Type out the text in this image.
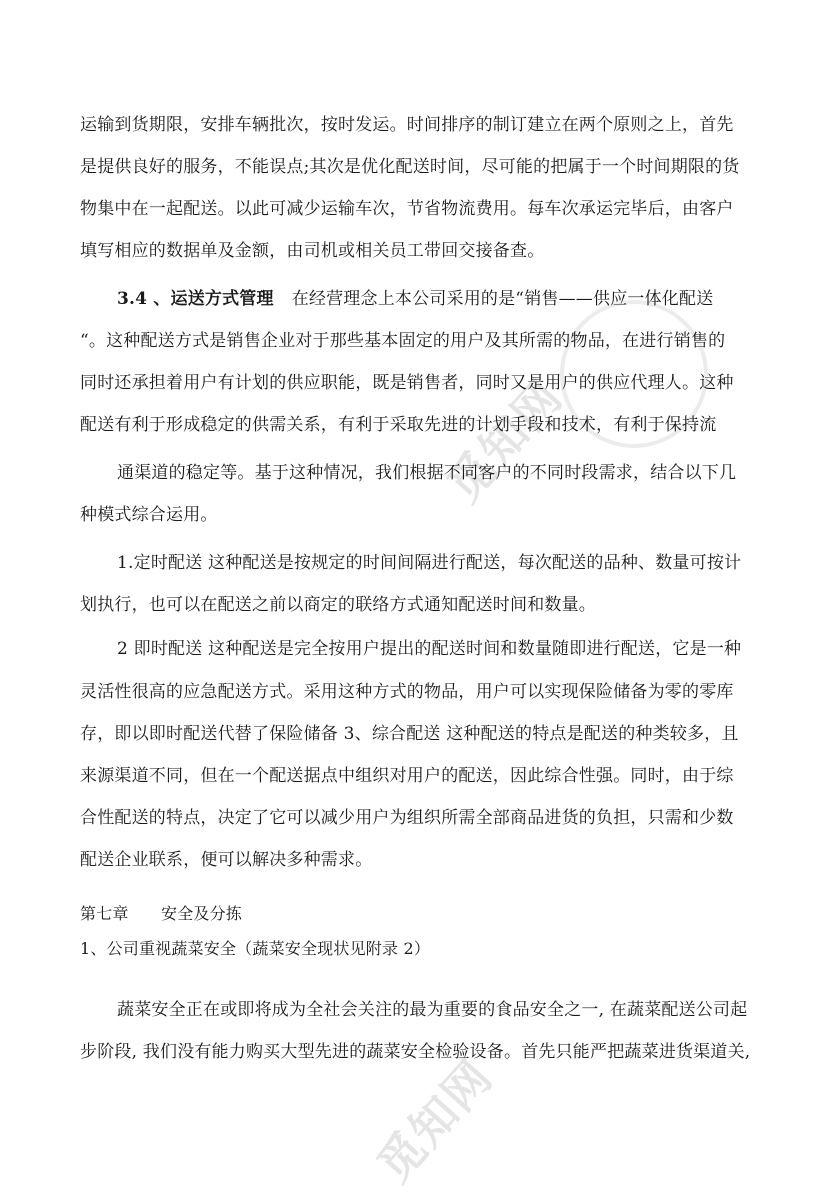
觅知网
觅知网
运输到货期限，安排车辆批次，按时发运。时间排序的制订建立在两个原则之上，首先
是提供良好的服务，不能误点;其次是优化配送时间，尽可能的把属于一个时间期限的货
物集中在一起配送。以此可减少运输车次，节省物流费用。每车次承运完毕后，由客户
填写相应的数据单及金额，由司机或相关员工带回交接备查。
3.4 、运送方式管理 在经营理念上本公司采用的是“销售——供应一体化配送
“。这种配送方式是销售企业对于那些基本固定的用户及其所需的物品，在进行销售的
同时还承担着用户有计划的供应职能，既是销售者，同时又是用户的供应代理人。这种
配送有利于形成稳定的供需关系，有利于采取先进的计划手段和技术，有利于保持流
通渠道的稳定等。基于这种情况，我们根据不同客户的不同时段需求，结合以下几
种模式综合运用。
1.定时配送 这种配送是按规定的时间间隔进行配送，每次配送的品种、数量可按计
划执行，也可以在配送之前以商定的联络方式通知配送时间和数量。
2 即时配送 这种配送是完全按用户提出的配送时间和数量随即进行配送，它是一种
灵活性很高的应急配送方式。采用这种方式的物品，用户可以实现保险储备为零的零库
存，即以即时配送代替了保险储备 3、综合配送 这种配送的特点是配送的种类较多，且
来源渠道不同，但在一个配送据点中组织对用户的配送，因此综合性强。同时，由于综
合性配送的特点，决定了它可以减少用户为组织所需全部商品进货的负担，只需和少数
配送企业联系，便可以解决多种需求。
第七章　　安全及分拣
1、公司重视蔬菜安全（蔬菜安全现状见附录 2）
蔬菜安全正在或即将成为全社会关注的最为重要的食品安全之一, 在蔬菜配送公司起
步阶段, 我们没有能力购买大型先进的蔬菜安全检验设备。首先只能严把蔬菜进货渠道关,
